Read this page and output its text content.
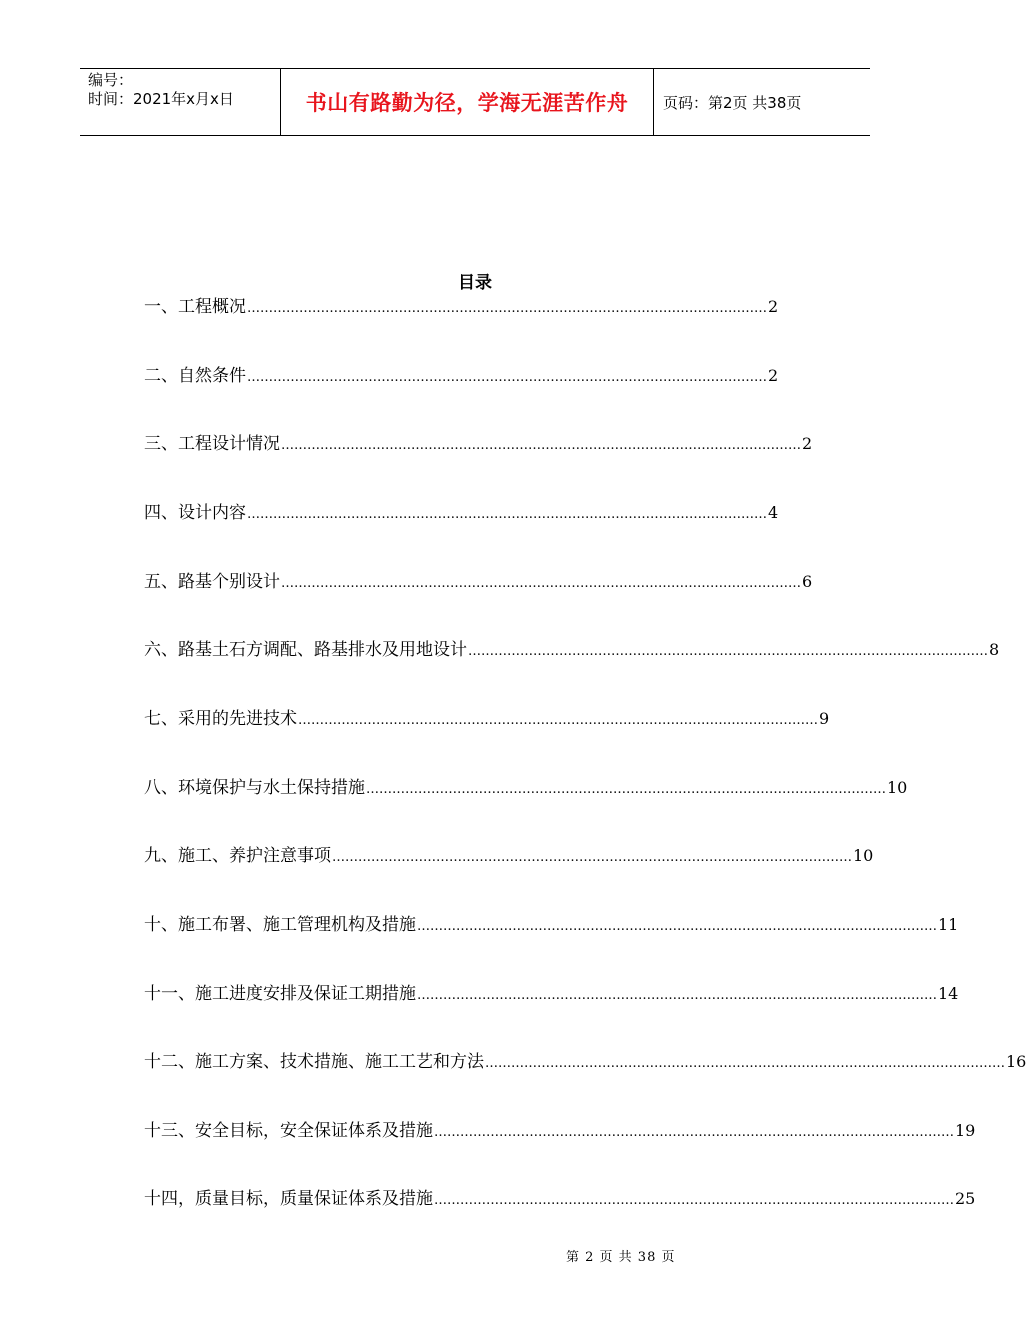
编号：
时间：2021年x月x日	书山有路勤为径，学海无涯苦作舟	页码：第2页 共38页
目录
一、工程概况 ………………………………………………………………………………………………………… 2
二、自然条件 ………………………………………………………………………………………………………… 2
三、工程设计情况 ………………………………………………………………………………………………………… 2
四、设计内容 ………………………………………………………………………………………………………… 4
五、路基个别设计 ………………………………………………………………………………………………………… 6
六、路基土石方调配、路基排水及用地设计 ………………………………………………………………………………………………………… 8
七、采用的先进技术 ………………………………………………………………………………………………………… 9
八、环境保护与水土保持措施 ………………………………………………………………………………………………………… 10
九、施工、养护注意事项 ………………………………………………………………………………………………………… 10
十、施工布署、施工管理机构及措施 ………………………………………………………………………………………………………… 11
十一、施工进度安排及保证工期措施 ………………………………………………………………………………………………………… 14
十二、施工方案、技术措施、施工工艺和方法 ………………………………………………………………………………………………………… 16
十三、安全目标，安全保证体系及措施 ………………………………………………………………………………………………………… 19
十四，质量目标，质量保证体系及措施 ………………………………………………………………………………………………………… 25
第 2 页 共 38 页
